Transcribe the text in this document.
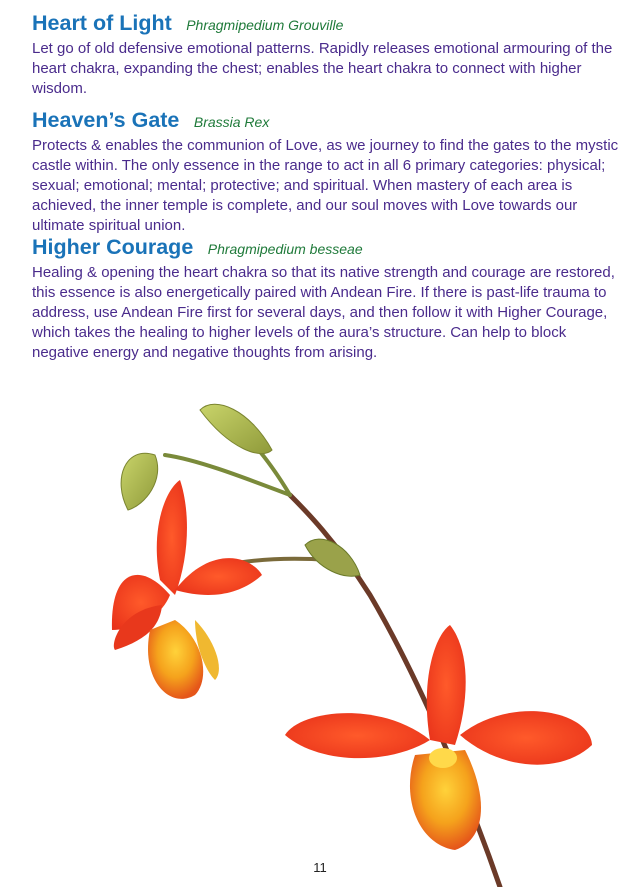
Heart of Light Phragmipedium Grouville

Let go of old defensive emotional patterns. Rapidly releases emotional armouring of the heart chakra, expanding the chest; enables the heart chakra to connect with higher wisdom.

Heaven’s Gate Brassia Rex

Protects & enables the communion of Love, as we journey to find the gates to the mystic castle within. The only essence in the range to act in all 6 primary categories: physical; sexual; emotional; mental; protective; and spiritual. When mastery of each area is achieved, the inner temple is complete, and our soul moves with Love towards our ultimate spiritual union.

Higher Courage Phragmipedium besseae

Healing & opening the heart chakra so that its native strength and courage are restored, this essence is also energetically paired with Andean Fire. If there is past-life trauma to address, use Andean Fire first for several days, and then follow it with Higher Courage, which takes the healing to higher levels of the aura’s structure. Can help to block negative energy and negative thoughts from arising.

11
